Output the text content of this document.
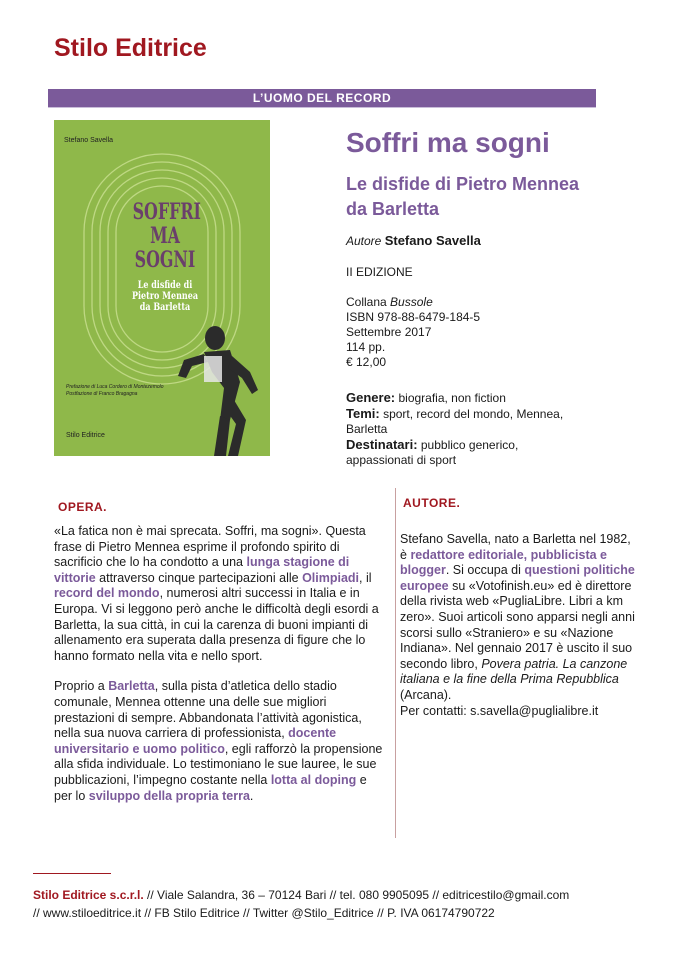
Stilo Editrice
L’UOMO DEL RECORD
Stefano Savella
SOFFRI
MA
SOGNI
Le disfide di
Pietro Mennea
da Barletta
Prefazione di Luca Cordero di Montezemolo
Postfazione di Franco Bragagna
Stilo Editrice
Soffri ma sogni
Le disfide di Pietro Mennea da Barletta
Autore Stefano Savella
II EDIZIONE
Collana Bussole
ISBN 978-88-6479-184-5
Settembre 2017
114 pp.
€ 12,00
Genere: biografia, non fiction
Temi: sport, record del mondo, Mennea, Barletta
Destinatari: pubblico generico, appassionati di sport
OPERA.

«La fatica non è mai sprecata. Soffri, ma sogni». Questa frase di Pietro Mennea esprime il profondo spirito di sacrificio che lo ha condotto a una lunga stagione di vittorie attraverso cinque partecipazioni alle Olimpiadi, il record del mondo, numerosi altri successi in Italia e in Europa. Vi si leggono però anche le difficoltà degli esordi a Barletta, la sua città, in cui la carenza di buoni impianti di allenamento era superata dalla presenza di figure che lo hanno formato nella vita e nello sport.

Proprio a Barletta, sulla pista d’atletica dello stadio comunale, Mennea ottenne una delle sue migliori prestazioni di sempre. Abbandonata l’attività agonistica, nella sua nuova carriera di professionista, docente universitario e uomo politico, egli rafforzò la propensione alla sfida individuale. Lo testimoniano le sue lauree, le sue pubblicazioni, l’impegno costante nella lotta al doping e per lo sviluppo della propria terra.

AUTORE.

Stefano Savella, nato a Barletta nel 1982, è redattore editoriale, pubblicista e blogger. Si occupa di questioni politiche europee su «Votofinish.eu» ed è direttore della rivista web «PugliaLibre. Libri a km zero». Suoi articoli sono apparsi negli anni scorsi sullo «Straniero» e su «Nazione Indiana». Nel gennaio 2017 è uscito il suo secondo libro, Povera patria. La canzone italiana e la fine della Prima Repubblica (Arcana).

Per contatti: s.savella@puglialibre.it
Stilo Editrice s.c.r.l. // Viale Salandra, 36 – 70124 Bari // tel. 080 9905095 // editricestilo@gmail.com
// www.stiloeditrice.it // FB Stilo Editrice // Twitter @Stilo_Editrice // P. IVA 06174790722
